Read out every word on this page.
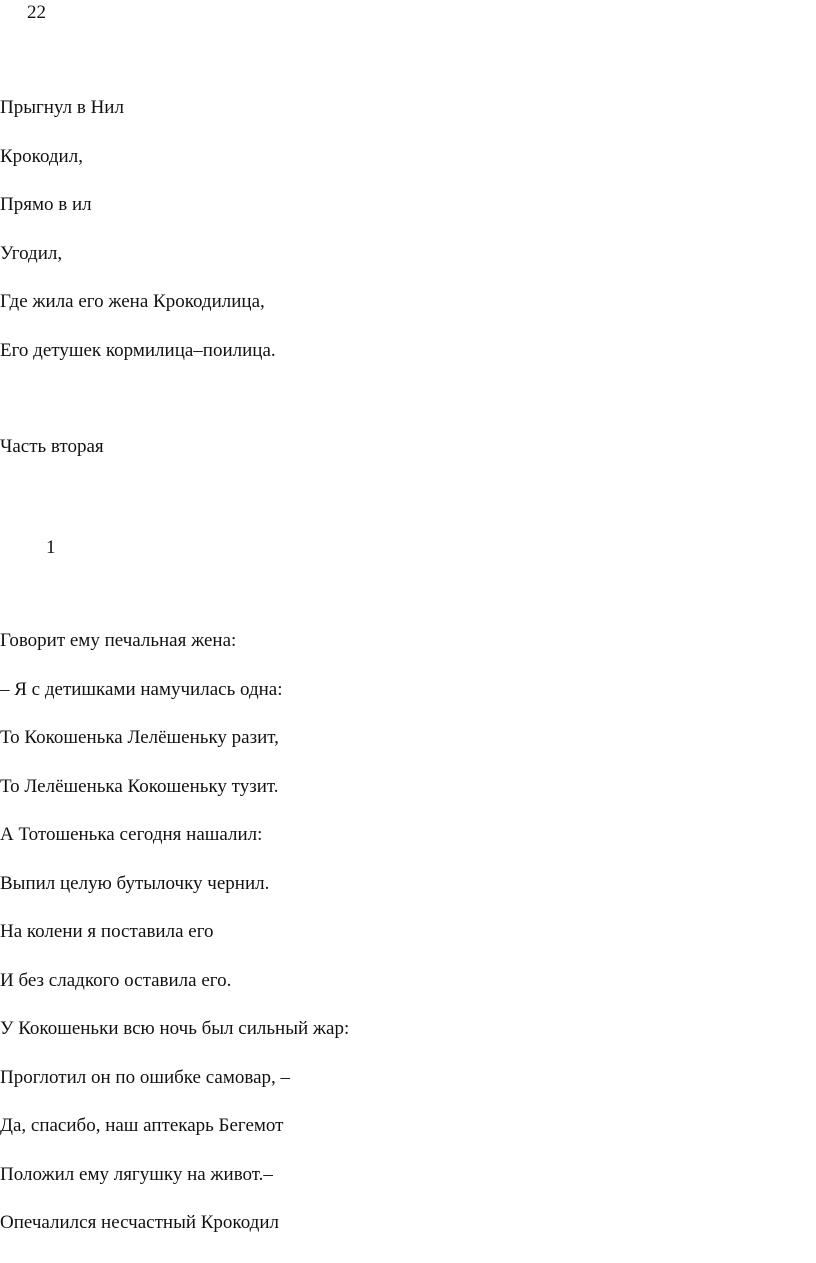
22
Прыгнул в Нил
Крокодил,
Прямо в ил
Угодил,
Где жила его жена Крокодилица,
Его детушек кормилица–поилица.
Часть вторая
1
Говорит ему печальная жена:
– Я с детишками намучилась одна:
То Кокошенька Лелёшеньку разит,
То Лелёшенька Кокошеньку тузит.
А Тотошенька сегодня нашалил:
Выпил целую бутылочку чернил.
На колени я поставила его
И без сладкого оставила его.
У Кокошеньки всю ночь был сильный жар:
Проглотил он по ошибке самовар, –
Да, спасибо, наш аптекарь Бегемот
Положил ему лягушку на живот.–
Опечалился несчастный Крокодил
